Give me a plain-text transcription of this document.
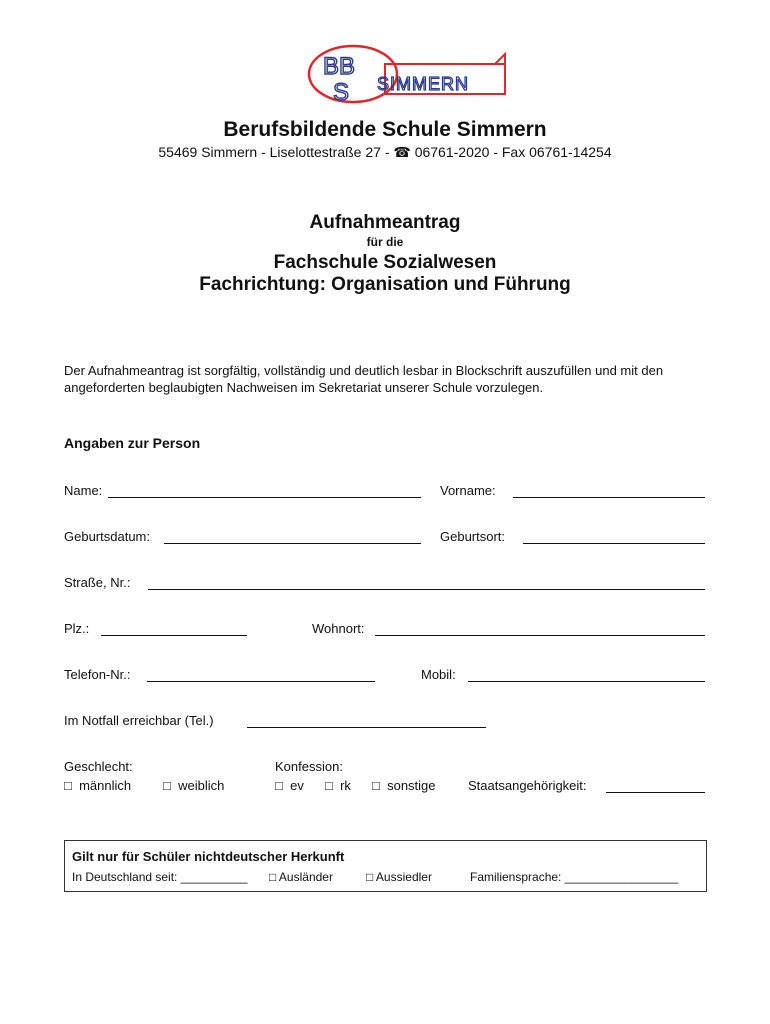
BB
S SIMMERN
Berufsbildende Schule Simmern
55469 Simmern - Liselottestraße 27 - ☎ 06761-2020 - Fax 06761-14254
Aufnahmeantrag
für die
Fachschule Sozialwesen
Fachrichtung: Organisation und Führung
Der Aufnahmeantrag ist sorgfältig, vollständig und deutlich lesbar in Blockschrift auszufüllen und mit den angeforderten beglaubigten Nachweisen im Sekretariat unserer Schule vorzulegen.
Angaben zur Person
Name:	Vorname:
Geburtsdatum:	Geburtsort:
Straße, Nr.:
Plz.:	Wohnort:
Telefon-Nr.:	Mobil:
Im Notfall erreichbar (Tel.)
Geschlecht:	Konfession:
□ männlich □ weiblich	□ ev □ rk □ sonstige Staatsangehörigkeit:
Gilt nur für Schüler nichtdeutscher Herkunft
In Deutschland seit: __________ □ Ausländer	□ Aussiedler	Familiensprache: _________________
